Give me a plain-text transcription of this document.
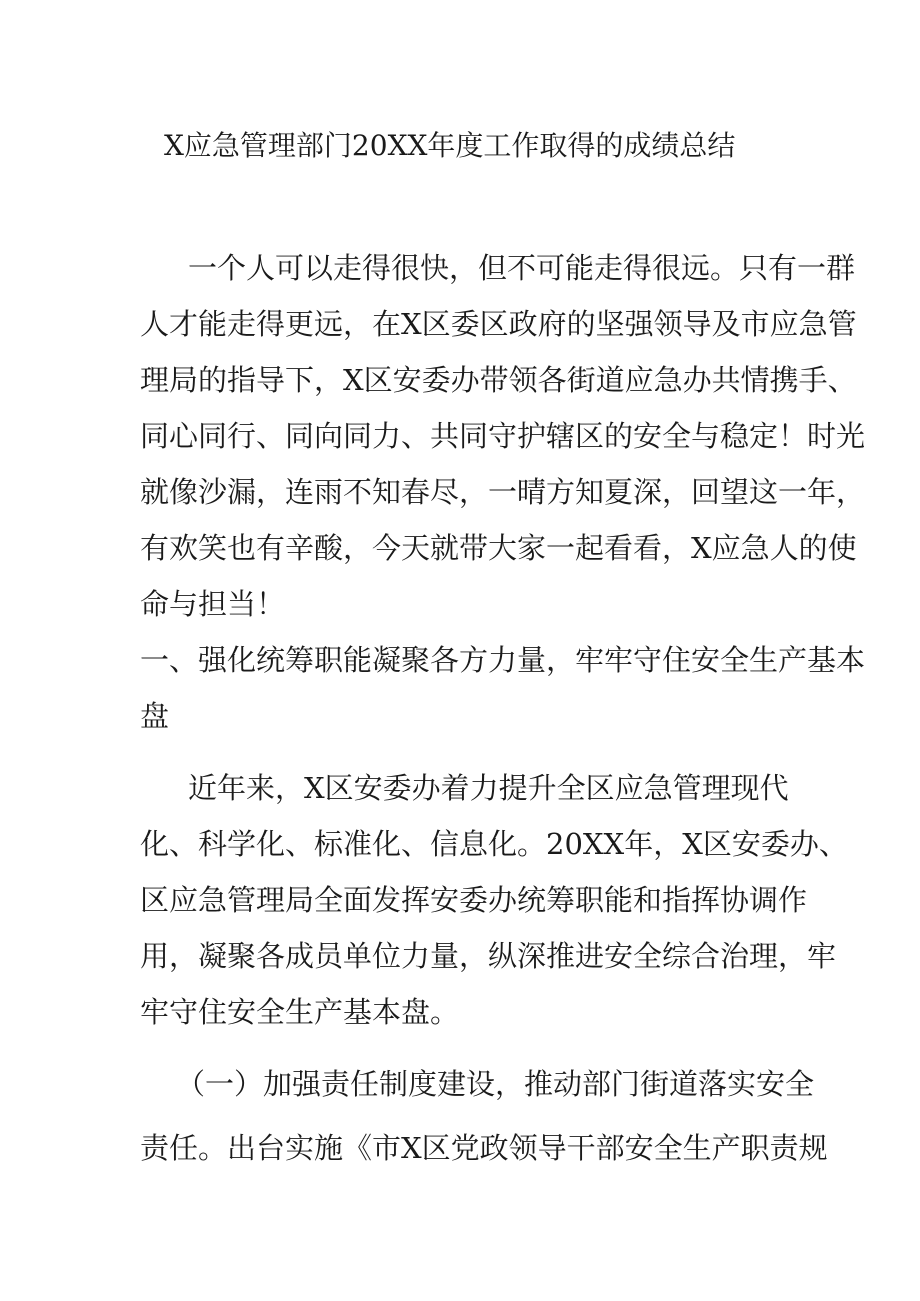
X应急管理部门20XX年度工作取得的成绩总结
一个人可以走得很快，但不可能走得很远。只有一群
人才能走得更远，在X区委区政府的坚强领导及市应急管
理局的指导下，X区安委办带领各街道应急办共情携手、
同心同行、同向同力、共同守护辖区的安全与稳定！时光
就像沙漏，连雨不知春尽，一晴方知夏深，回望这一年，
有欢笑也有辛酸，今天就带大家一起看看，X应急人的使
命与担当！
一、强化统筹职能凝聚各方力量，牢牢守住安全生产基本
盘
近年来，X区安委办着力提升全区应急管理现代
化、科学化、标准化、信息化。20XX年，X区安委办、
区应急管理局全面发挥安委办统筹职能和指挥协调作
用，凝聚各成员单位力量，纵深推进安全综合治理，牢
牢守住安全生产基本盘。
（一）加强责任制度建设，推动部门街道落实安全
责任。出台实施《市X区党政领导干部安全生产职责规
